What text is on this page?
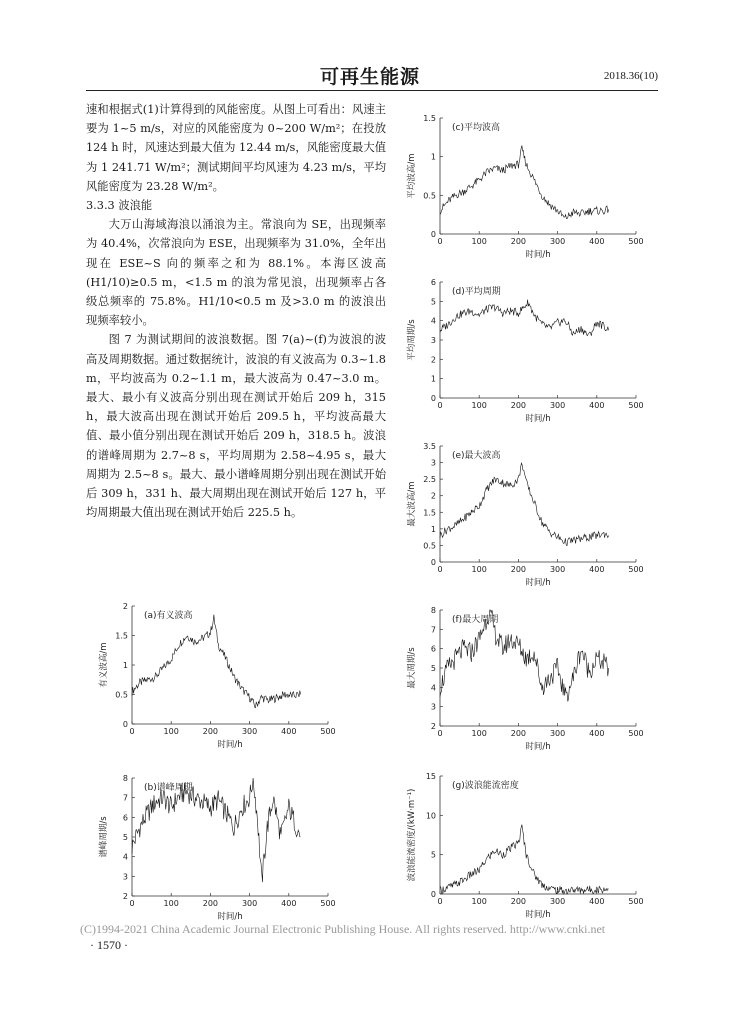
可再生能源	2018.36(10)

速和根据式(1)计算得到的风能密度。从图上可看出：风速主要为 1~5 m/s，对应的风能密度为 0~200 W/m²；在投放 124 h 时，风速达到最大值为 12.44 m/s，风能密度最大值为 1 241.71 W/m²；测试期间平均风速为 4.23 m/s，平均风能密度为 23.28 W/m²。

3.3.3 波浪能

大万山海域海浪以涌浪为主。常浪向为 SE，出现频率为 40.4%，次常浪向为 ESE，出现频率为 31.0%，全年出现在 ESE~S 向的频率之和为 88.1%。本海区波高(H1/10)≥0.5 m，<1.5 m 的浪为常见浪，出现频率占各级总频率的 75.8%。H1/10<0.5 m 及>3.0 m 的波浪出现频率较小。

图 7 为测试期间的波浪数据。图 7(a)~(f)为波浪的波高及周期数据。通过数据统计，波浪的有义波高为 0.3~1.8 m，平均波高为 0.2~1.1 m，最大波高为 0.47~3.0 m。最大、最小有义波高分别出现在测试开始后 209 h，315 h，最大波高出现在测试开始后 209.5 h，平均波高最大值、最小值分别出现在测试开始后 209 h，318.5 h。波浪的谱峰周期为 2.7~8 s，平均周期为 2.58~4.95 s，最大周期为 2.5~8 s。最大、最小谱峰周期分别出现在测试开始后 309 h，331 h、最大周期出现在测试开始后 127 h，平均周期最大值出现在测试开始后 225.5 h。

0	100	200	300	400	500
0
0.5
1
1.5
2
时间/h
有义波高/m
(a)有义波高
0	100	200	300	400	500
2
3
4
5
6
7
8
时间/h
谱峰周期/s
(b)谱峰周期
0	100	200	300	400	500
0
0.5
1
1.5
时间/h
平均波高/m
(c)平均波高
0	100	200	300	400	500
0
1
2
3
4
5
6
时间/h
平均周期/s
(d)平均周期
0	100	200	300	400	500
0
0.5
1
1.5
2
2.5
3
3.5
时间/h
最大波高/m
(e)最大波高
0	100	200	300	400	500
2
3
4
5
6
7
8
时间/h
最大周期/s
(f)最大周期
0	100	200	300	400	500
0
5
10
15
时间/h
波浪能流密度/(kW·m⁻¹)
(g)波浪能流密度
(C)1994-2021 China Academic Journal Electronic Publishing House. All rights reserved. http://www.cnki.net
· 1570 ·
